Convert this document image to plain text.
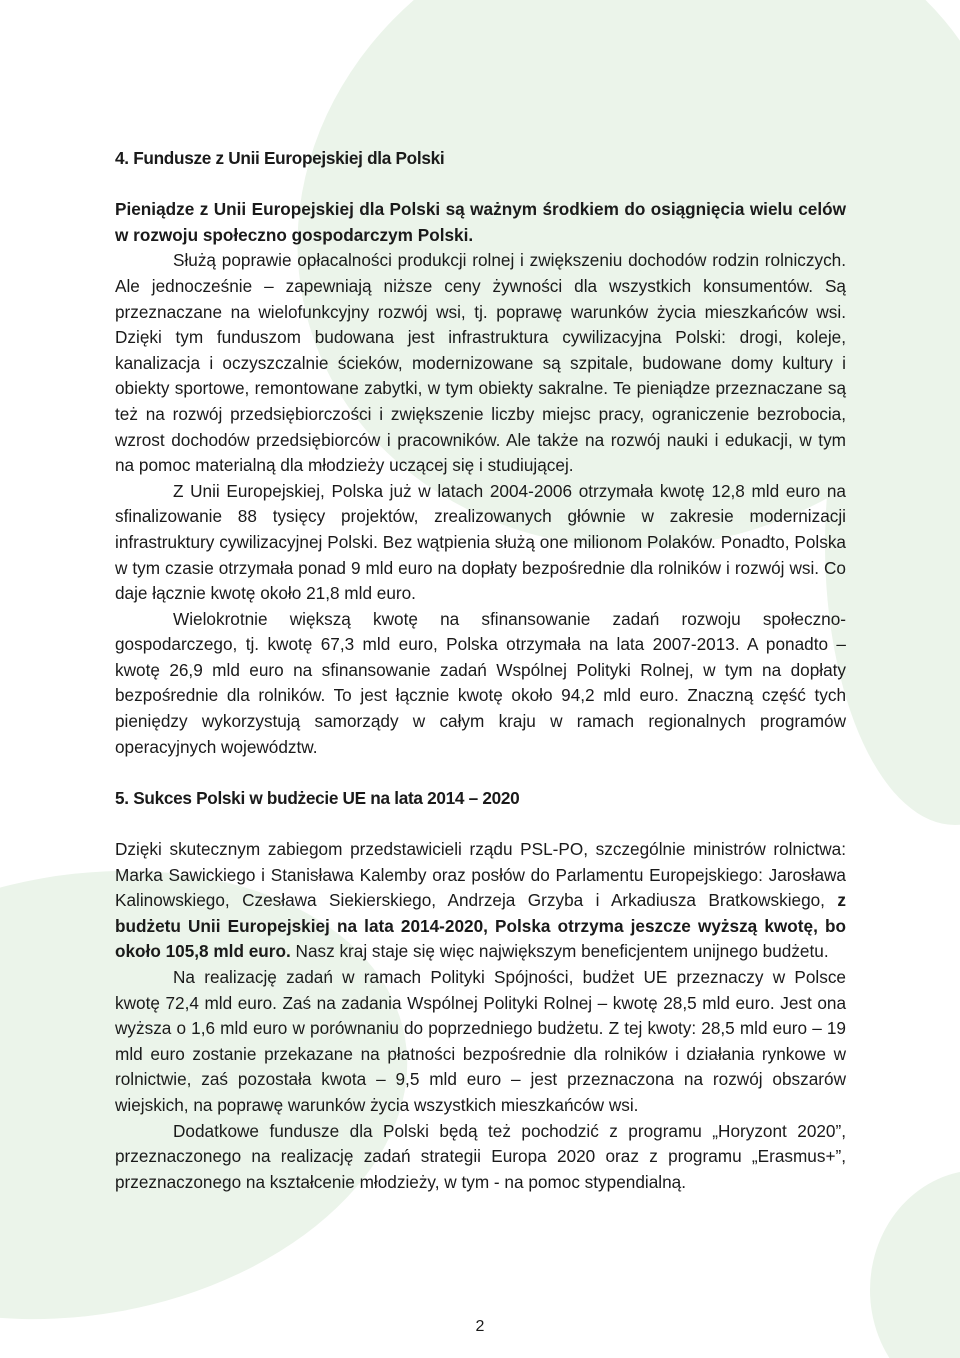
4. Fundusze z Unii Europejskiej dla Polski

Pieniądze z Unii Europejskiej dla Polski są ważnym środkiem do osiągnięcia wielu celów w rozwoju społeczno gospodarczym Polski.

Służą poprawie opłacalności produkcji rolnej i zwiększeniu dochodów rodzin rolniczych. Ale jednocześnie – zapewniają niższe ceny żywności dla wszystkich konsumentów. Są przeznaczane na wielofunkcyjny rozwój wsi, tj. poprawę warunków życia mieszkańców wsi. Dzięki tym funduszom budowana jest infrastruktura cywilizacyjna Polski: drogi, koleje, kanalizacja i oczyszczalnie ścieków, modernizowane są szpitale, budowane domy kultury i obiekty sportowe, remontowane zabytki, w tym obiekty sakralne. Te pieniądze przeznaczane są też na rozwój przedsiębiorczości i zwiększenie liczby miejsc pracy, ograniczenie bezrobocia, wzrost dochodów przedsiębiorców i pracowników. Ale także na rozwój nauki i edukacji, w tym na pomoc materialną dla młodzieży uczącej się i studiującej.

Z Unii Europejskiej, Polska już w latach 2004-2006 otrzymała kwotę 12,8 mld euro na sfinalizowanie 88 tysięcy projektów, zrealizowanych głównie w zakresie modernizacji infrastruktury cywilizacyjnej Polski. Bez wątpienia służą one milionom Polaków. Ponadto, Polska w tym czasie otrzymała ponad 9 mld euro na dopłaty bezpośrednie dla rolników i rozwój wsi. Co daje łącznie kwotę około 21,8 mld euro.

Wielokrotnie większą kwotę na sfinansowanie zadań rozwoju społeczno-gospodarczego, tj. kwotę 67,3 mld euro, Polska otrzymała na lata 2007-2013. A ponadto – kwotę 26,9 mld euro na sfinansowanie zadań Wspólnej Polityki Rolnej, w tym na dopłaty bezpośrednie dla rolników. To jest łącznie kwotę około 94,2 mld euro. Znaczną część tych pieniędzy wykorzystują samorządy w całym kraju w ramach regionalnych programów operacyjnych województw.

5. Sukces Polski w budżecie UE na lata 2014 – 2020

Dzięki skutecznym zabiegom przedstawicieli rządu PSL-PO, szczególnie ministrów rolnictwa: Marka Sawickiego i Stanisława Kalemby oraz posłów do Parlamentu Europejskiego: Jarosława Kalinowskiego, Czesława Siekierskiego, Andrzeja Grzyba i Arkadiusza Bratkowskiego, z budżetu Unii Europejskiej na lata 2014-2020, Polska otrzyma jeszcze wyższą kwotę, bo około 105,8 mld euro. Nasz kraj staje się więc największym beneficjentem unijnego budżetu.

Na realizację zadań w ramach Polityki Spójności, budżet UE przeznaczy w Polsce kwotę 72,4 mld euro. Zaś na zadania Wspólnej Polityki Rolnej – kwotę 28,5 mld euro. Jest ona wyższa o 1,6 mld euro w porównaniu do poprzedniego budżetu. Z tej kwoty: 28,5 mld euro – 19 mld euro zostanie przekazane na płatności bezpośrednie dla rolników i działania rynkowe w rolnictwie, zaś pozostała kwota – 9,5 mld euro – jest przeznaczona na rozwój obszarów wiejskich, na poprawę warunków życia wszystkich mieszkańców wsi.

Dodatkowe fundusze dla Polski będą też pochodzić z programu „Horyzont 2020”, przeznaczonego na realizację zadań strategii Europa 2020 oraz z programu „Erasmus+”, przeznaczonego na kształcenie młodzieży, w tym - na pomoc stypendialną.

2
